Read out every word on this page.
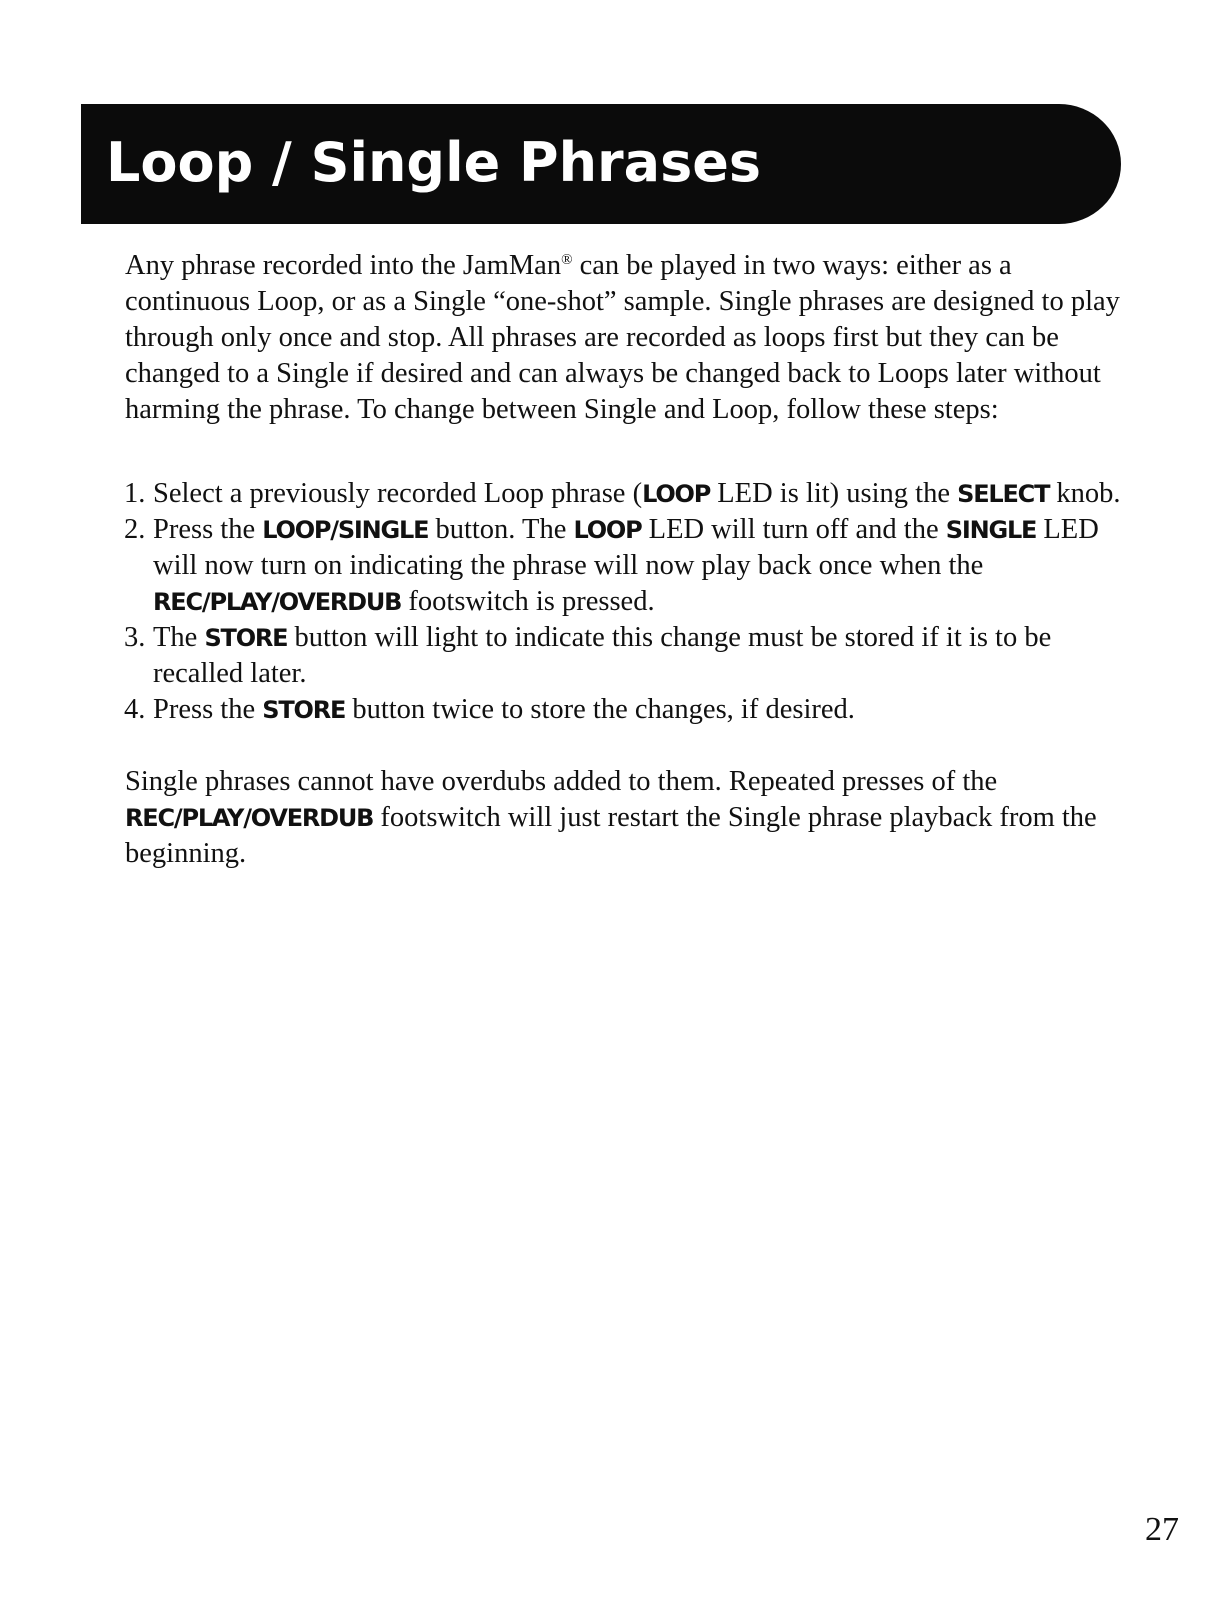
Loop / Single Phrases

Any phrase recorded into the JamMan® can be played in two ways: either as a continuous Loop, or as a Single “one-shot” sample. Single phrases are designed to play through only once and stop. All phrases are recorded as loops first but they can be changed to a Single if desired and can always be changed back to Loops later without harming the phrase. To change between Single and Loop, follow these steps:

1. Select a previously recorded Loop phrase (LOOP LED is lit) using the SELECT knob.
2. Press the LOOP/SINGLE button. The LOOP LED will turn off and the SINGLE LED will now turn on indicating the phrase will now play back once when the REC/PLAY/OVERDUB footswitch is pressed.
3. The STORE button will light to indicate this change must be stored if it is to be recalled later.
4. Press the STORE button twice to store the changes, if desired.

Single phrases cannot have overdubs added to them. Repeated presses of the REC/PLAY/OVERDUB footswitch will just restart the Single phrase playback from the beginning.

27
